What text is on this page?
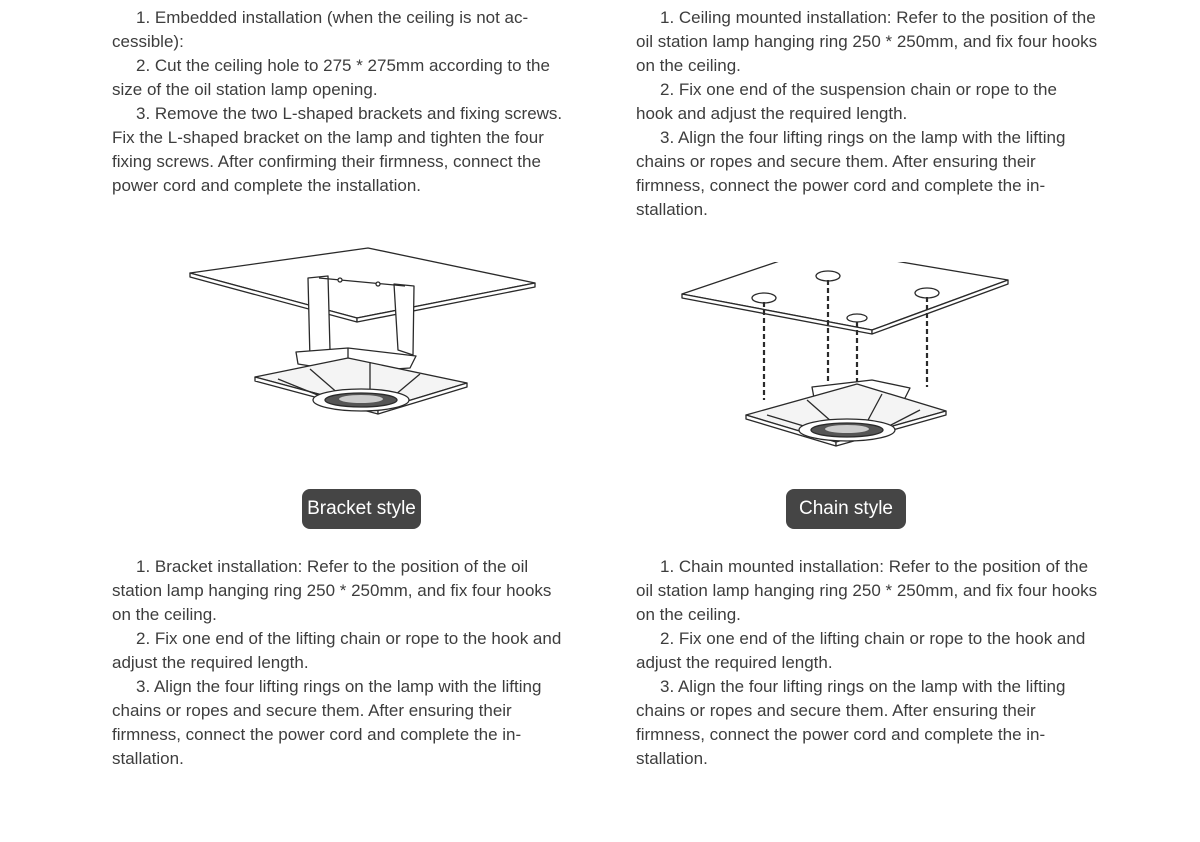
1. Embedded installation (when the ceiling is not ac-cessible):

2. Cut the ceiling hole to 275 * 275mm according to the size of the oil station lamp opening.

3. Remove the two L-shaped brackets and fixing screws. Fix the L-shaped bracket on the lamp and tighten the four fixing screws. After confirming their firmness, connect the power cord and complete the installation.

1. Ceiling mounted installation: Refer to the position of the oil station lamp hanging ring 250 * 250mm, and fix four hooks on the ceiling.

2. Fix one end of the suspension chain or rope to the hook and adjust the required length.

3. Align the four lifting rings on the lamp with the lifting chains or ropes and secure them. After ensuring their firmness, connect the power cord and complete the in-stallation.

Bracket style	Chain style

1. Bracket installation: Refer to the position of the oil station lamp hanging ring 250 * 250mm, and fix four hooks on the ceiling.

2. Fix one end of the lifting chain or rope to the hook and adjust the required length.

3. Align the four lifting rings on the lamp with the lifting chains or ropes and secure them. After ensuring their firmness, connect the power cord and complete the in-stallation.

1. Chain mounted installation: Refer to the position of the oil station lamp hanging ring 250 * 250mm, and fix four hooks on the ceiling.

2. Fix one end of the lifting chain or rope to the hook and adjust the required length.

3. Align the four lifting rings on the lamp with the lifting chains or ropes and secure them. After ensuring their firmness, connect the power cord and complete the in-stallation.
